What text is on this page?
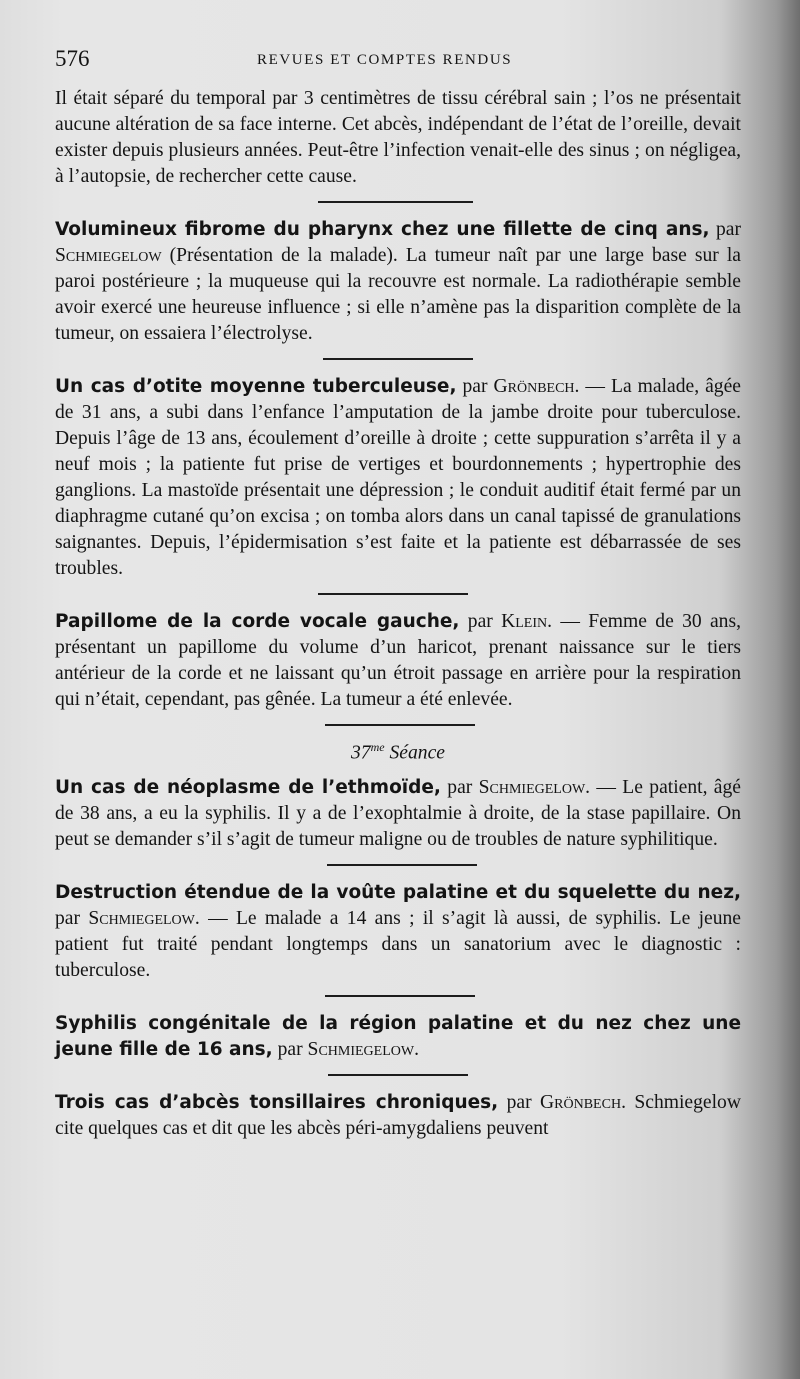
576	REVUES ET COMPTES RENDUS

Il était séparé du temporal par 3 centimètres de tissu cérébral sain ; l’os ne présentait aucune altération de sa face interne. Cet abcès, indépendant de l’état de l’oreille, devait exister depuis plusieurs années. Peut-être l’infection venait-elle des sinus ; on négligea, à l’autopsie, de rechercher cette cause.

Volumineux fibrome du pharynx chez une fillette de cinq ans, par Schmiegelow (Présentation de la malade). La tumeur naît par une large base sur la paroi postérieure ; la muqueuse qui la recouvre est normale. La radiothérapie semble avoir exercé une heureuse influence ; si elle n’amène pas la disparition complète de la tumeur, on essaiera l’électrolyse.

Un cas d’otite moyenne tuberculeuse, par Grönbech. — La malade, âgée de 31 ans, a subi dans l’enfance l’amputation de la jambe droite pour tuberculose. Depuis l’âge de 13 ans, écoulement d’oreille à droite ; cette suppuration s’arrêta il y a neuf mois ; la patiente fut prise de vertiges et bourdonnements ; hypertrophie des ganglions. La mastoïde présentait une dépression ; le conduit auditif était fermé par un diaphragme cutané qu’on excisa ; on tomba alors dans un canal tapissé de granulations saignantes. Depuis, l’épidermisation s’est faite et la patiente est débarrassée de ses troubles.

Papillome de la corde vocale gauche, par Klein. — Femme de 30 ans, présentant un papillome du volume d’un haricot, prenant naissance sur le tiers antérieur de la corde et ne laissant qu’un étroit passage en arrière pour la respiration qui n’était, cependant, pas gênée. La tumeur a été enlevée.

$37^{me}$ Séance

Un cas de néoplasme de l’ethmoïde, par Schmiegelow. — Le patient, âgé de 38 ans, a eu la syphilis. Il y a de l’exophtalmie à droite, de la stase papillaire. On peut se demander s’il s’agit de tumeur maligne ou de troubles de nature syphilitique.

Destruction étendue de la voûte palatine et du squelette du nez, par Schmiegelow. — Le malade a 14 ans ; il s’agit là aussi, de syphilis. Le jeune patient fut traité pendant longtemps dans un sanatorium avec le diagnostic : tuberculose.

Syphilis congénitale de la région palatine et du nez chez une jeune fille de 16 ans, par Schmiegelow.

Trois cas d’abcès tonsillaires chroniques, par Grönbech. Schmiegelow cite quelques cas et dit que les abcès péri-amygdaliens peuvent
